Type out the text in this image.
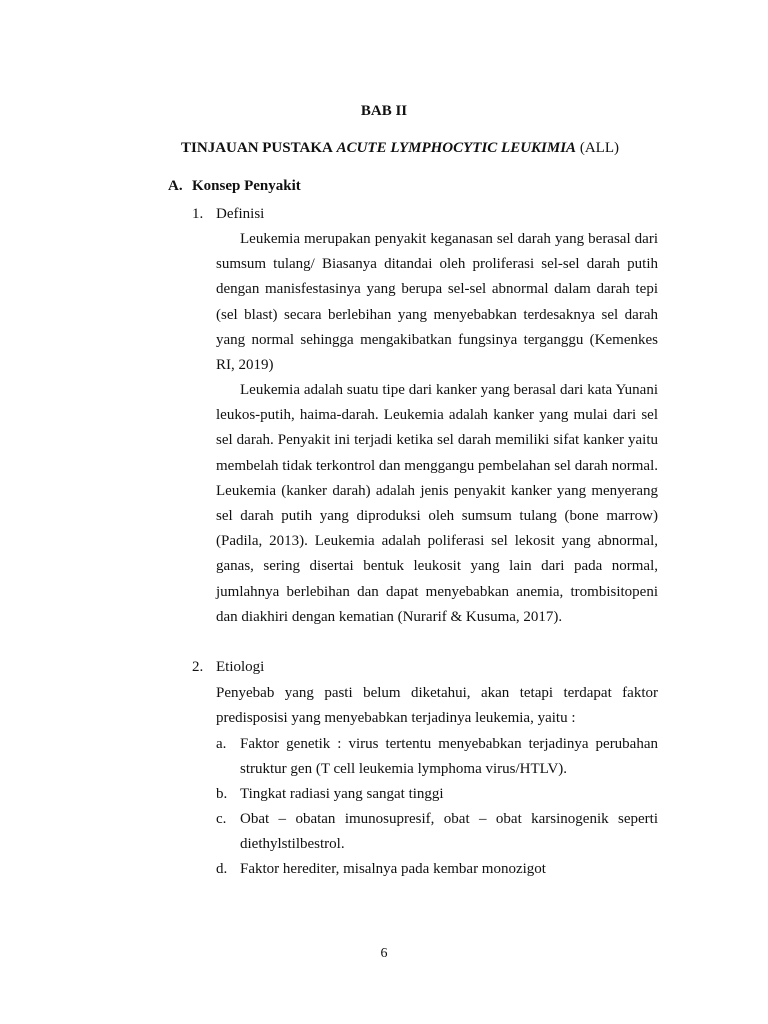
BAB II
TINJAUAN PUSTAKA ACUTE LYMPHOCYTIC LEUKIMIA (ALL)
A. Konsep Penyakit
1. Definisi

Leukemia merupakan penyakit keganasan sel darah yang berasal dari sumsum tulang/ Biasanya ditandai oleh proliferasi sel-sel darah putih dengan manisfestasinya yang berupa sel-sel abnormal dalam darah tepi (sel blast) secara berlebihan yang menyebabkan terdesaknya sel darah yang normal sehingga mengakibatkan fungsinya terganggu (Kemenkes RI, 2019)

Leukemia adalah suatu tipe dari kanker yang berasal dari kata Yunani leukos-putih, haima-darah. Leukemia adalah kanker yang mulai dari sel sel darah. Penyakit ini terjadi ketika sel darah memiliki sifat kanker yaitu membelah tidak terkontrol dan menggangu pembelahan sel darah normal. Leukemia (kanker darah) adalah jenis penyakit kanker yang menyerang sel darah putih yang diproduksi oleh sumsum tulang (bone marrow) (Padila, 2013). Leukemia adalah poliferasi sel lekosit yang abnormal, ganas, sering disertai bentuk leukosit yang lain dari pada normal, jumlahnya berlebihan dan dapat menyebabkan anemia, trombisitopeni dan diakhiri dengan kematian (Nurarif & Kusuma, 2017).

2. Etiologi

Penyebab yang pasti belum diketahui, akan tetapi terdapat faktor predisposisi yang menyebabkan terjadinya leukemia, yaitu :

a. Faktor genetik : virus tertentu menyebabkan terjadinya perubahan struktur gen (T cell leukemia lymphoma virus/HTLV).
b. Tingkat radiasi yang sangat tinggi
c. Obat – obatan imunosupresif, obat – obat karsinogenik seperti diethylstilbestrol.
d. Faktor herediter, misalnya pada kembar monozigot
6
